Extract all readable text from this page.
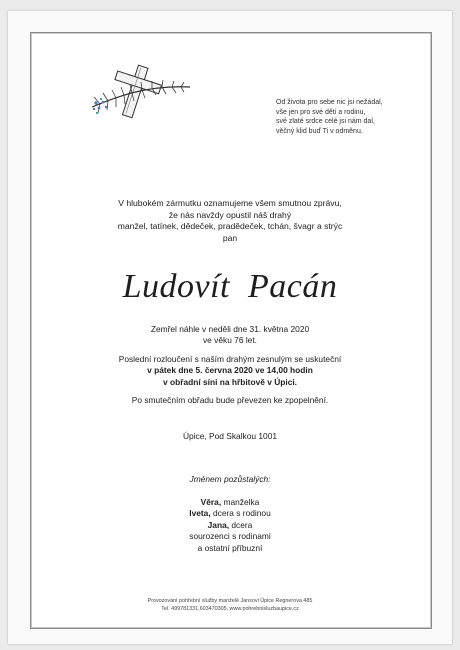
Od života pro sebe nic jsi nežádal,
vše jen pro své děti a rodinu,
své zlaté srdce celé jsi nám dal,
věčný klid buď Ti v odměnu.
V hlubokém zármutku oznamujeme všem smutnou zprávu,
že nás navždy opustil náš drahý
manžel, tatínek, dědeček, pradědeček, tchán, švagr a strýc
pan
Ludovít  Pacán
Zemřel náhle v neděli dne 31. května 2020
ve věku 76 let.
Poslední rozloučení s naším drahým zesnulým se uskuteční
v pátek dne 5. června 2020 ve 14,00 hodin
v obřadní síni na hřbitově v Úpici.
Po smutečním obřadu bude převezen ke zpopelnění.
Úpice, Pod Skalkou 1001
Jménem pozůstalých:
Věra, manželka
Iveta, dcera s rodinou
Jana, dcera
sourozenci s rodinami
a ostatní příbuzní
Provozování pohřební služby manželé Jansovi Úpice Regnerova 485
Tel. 499781331,603470305, www.pohrebnisluzbaupice.cz
